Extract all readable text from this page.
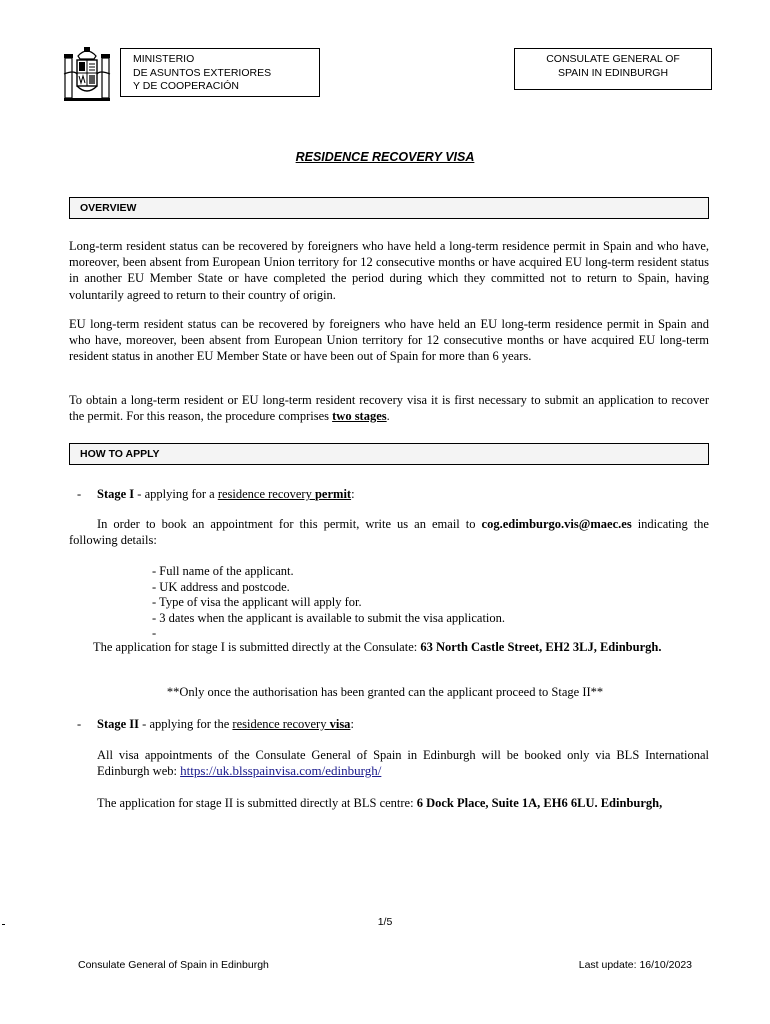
MINISTERIO
DE ASUNTOS EXTERIORES
Y DE COOPERACIÓN
CONSULATE GENERAL OF
SPAIN IN EDINBURGH
RESIDENCE RECOVERY VISA
OVERVIEW

Long-term resident status can be recovered by foreigners who have held a long-term residence permit in Spain and who have, moreover, been absent from European Union territory for 12 consecutive months or have acquired EU long-term resident status in another EU Member State or have completed the period during which they committed not to return to Spain, having voluntarily agreed to return to their country of origin.

EU long-term resident status can be recovered by foreigners who have held an EU long-term residence permit in Spain and who have, moreover, been absent from European Union territory for 12 consecutive months or have acquired EU long-term resident status in another EU Member State or have been out of Spain for more than 6 years.

To obtain a long-term resident or EU long-term resident recovery visa it is first necessary to submit an application to recover the permit. For this reason, the procedure comprises two stages.

HOW TO APPLY
- Stage I - applying for a residence recovery permit:

In order to book an appointment for this permit, write us an email to cog.edimburgo.vis@maec.es indicating the following details:

- Full name of the applicant.
- UK address and postcode.
- Type of visa the applicant will apply for.
- 3 dates when the applicant is available to submit the visa application.
-

The application for stage I is submitted directly at the Consulate: 63 North Castle Street, EH2 3LJ, Edinburgh.

**Only once the authorisation has been granted can the applicant proceed to Stage II**
- Stage II - applying for the residence recovery visa:

All visa appointments of the Consulate General of Spain in Edinburgh will be booked only via BLS International Edinburgh web: https://uk.blsspainvisa.com/edinburgh/

The application for stage II is submitted directly at BLS centre: 6 Dock Place, Suite 1A, EH6 6LU. Edinburgh,

1/5
Consulate General of Spain in Edinburgh	Last update: 16/10/2023
